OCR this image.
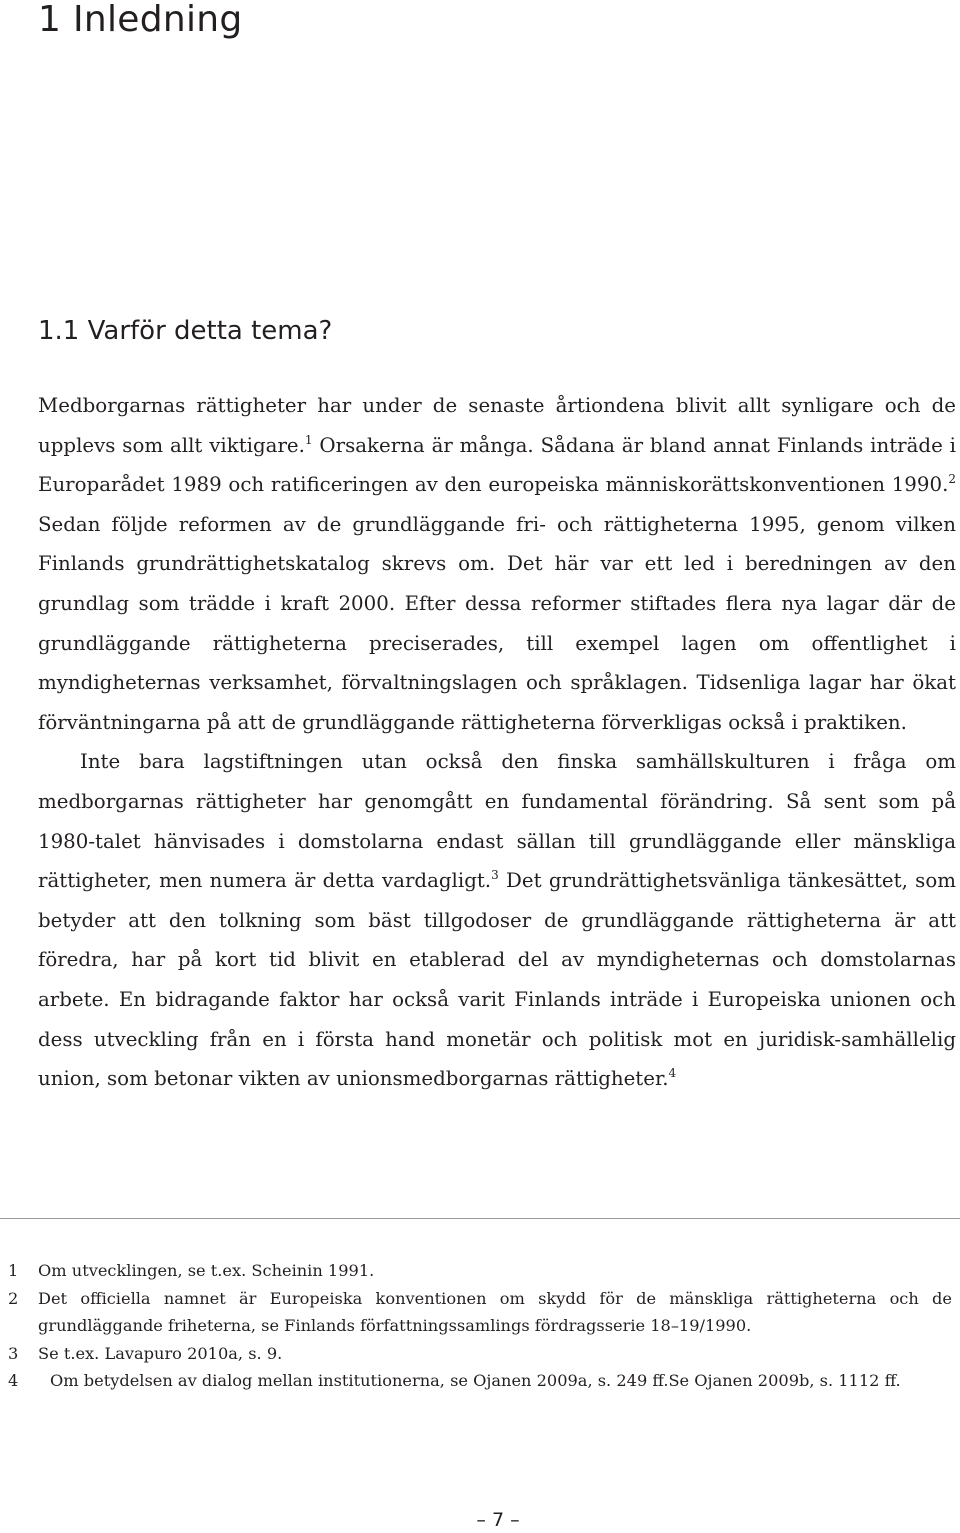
1 Inledning
1.1 Varför detta tema?

Medborgarnas rättigheter har under de senaste årtiondena blivit allt synligare och de upplevs som allt viktigare.$^1$ Orsakerna är många. Sådana är bland annat Finlands inträde i Europarådet 1989 och ratificeringen av den europeiska människorättskonventionen 1990.$^2$ Sedan följde reformen av de grundläggande fri- och rättigheterna 1995, genom vilken Finlands grundrättighetskatalog skrevs om. Det här var ett led i beredningen av den grundlag som trädde i kraft 2000. Efter dessa reformer stiftades flera nya lagar där de grundläggande rättigheterna preciserades, till exempel lagen om offentlighet i myndigheternas verksamhet, förvaltningslagen och språklagen. Tidsenliga lagar har ökat förväntningarna på att de grundläggande rättigheterna förverkligas också i praktiken.

Inte bara lagstiftningen utan också den finska samhällskulturen i fråga om medborgarnas rättigheter har genomgått en fundamental förändring. Så sent som på 1980-talet hänvisades i domstolarna endast sällan till grundläggande eller mänskliga rättigheter, men numera är detta vardagligt.$^3$ Det grundrättighetsvänliga tänkesättet, som betyder att den tolkning som bäst tillgodoser de grundläggande rättigheterna är att föredra, har på kort tid blivit en etablerad del av myndigheternas och domstolarnas arbete. En bidragande faktor har också varit Finlands inträde i Europeiska unionen och dess utveckling från en i första hand monetär och politisk mot en juridisk-samhällelig union, som betonar vikten av unionsmedborgarnas rättigheter.$^4$

1	Om utvecklingen, se t.ex. Scheinin 1991.
2	Det officiella namnet är Europeiska konventionen om skydd för de mänskliga rättigheterna och de grundläggande friheterna, se Finlands författningssamlings fördragsserie 18–19/1990.
3	Se t.ex. Lavapuro 2010a, s. 9.
4	Om betydelsen av dialog mellan institutionerna, se Ojanen 2009a, s. 249 ff.Se Ojanen 2009b, s. 1112 ff.
– 7 –
